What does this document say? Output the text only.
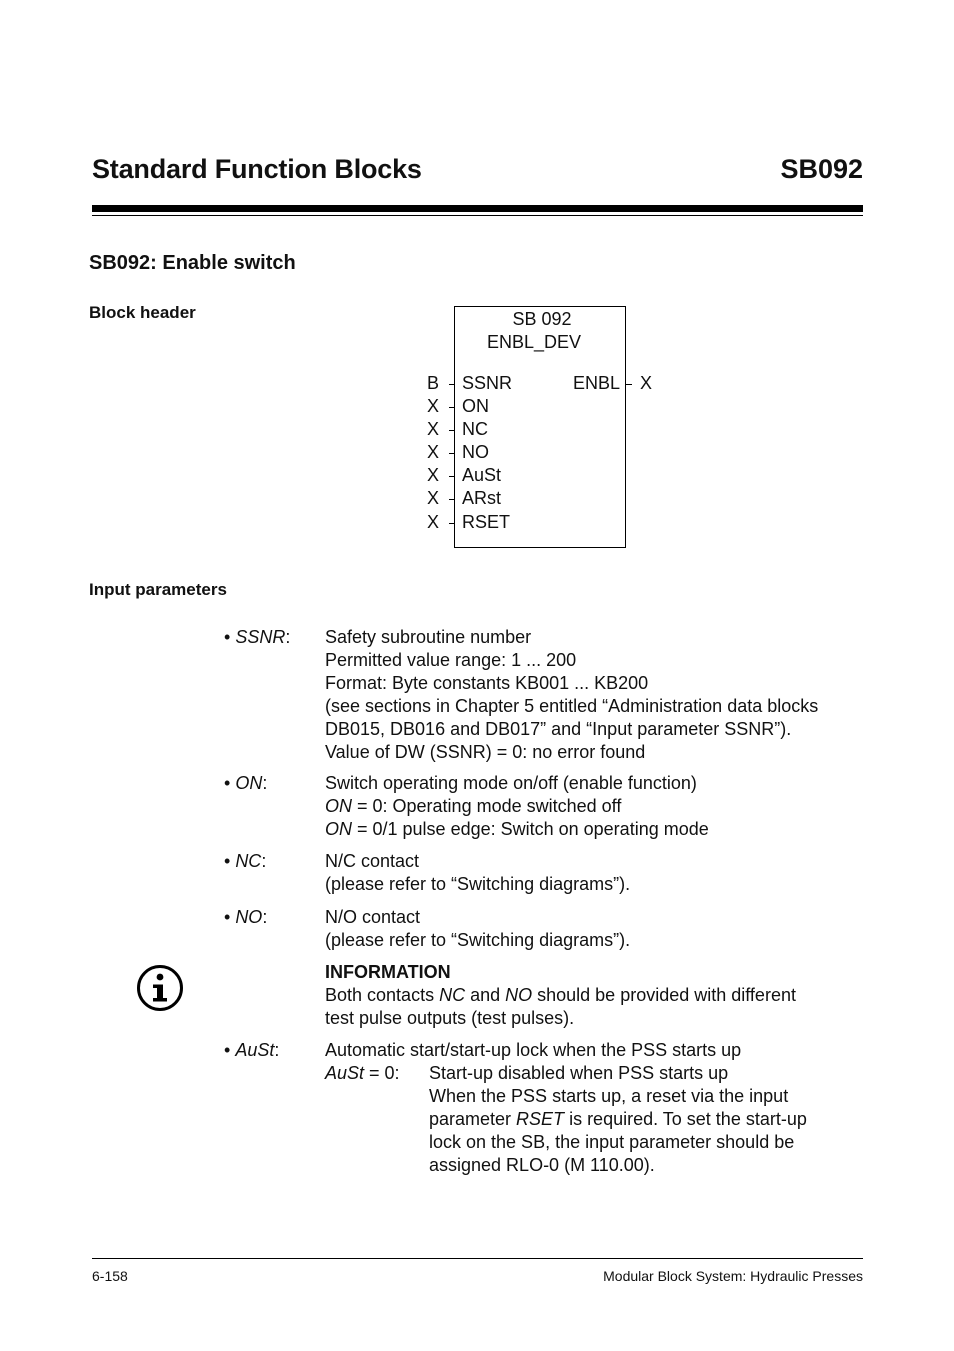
Standard Function Blocks	SB092
SB092: Enable switch
Block header	SB 092
ENBL_DEV
B
X
X
X
X
X
X
SSNR
ON
NC
NO
AuSt
ARst
RSET
ENBL X
Input parameters
• SSNR: Safety subroutine number
Permitted value range: 1 ... 200
Format: Byte constants KB001 ... KB200
(see sections in Chapter 5 entitled “Administration data blocks
DB015, DB016 and DB017” and “Input parameter SSNR”).
Value of DW (SSNR) = 0: no error found
• ON:	Switch operating mode on/off (enable function)
ON = 0: Operating mode switched off
ON = 0/1 pulse edge: Switch on operating mode
• NC:	N/C contact
(please refer to “Switching diagrams”).
• NO:	N/O contact
(please refer to “Switching diagrams”).
INFORMATION
Both contacts NC and NO should be provided with different
test pulse outputs (test pulses).
• AuSt:	Automatic start/start-up lock when the PSS starts up
AuSt = 0: Start-up disabled when PSS starts up
When the PSS starts up, a reset via the input
parameter RSET is required. To set the start-up
lock on the SB, the input parameter should be
assigned RLO-0 (M 110.00).
6-158	Modular Block System: Hydraulic Presses
